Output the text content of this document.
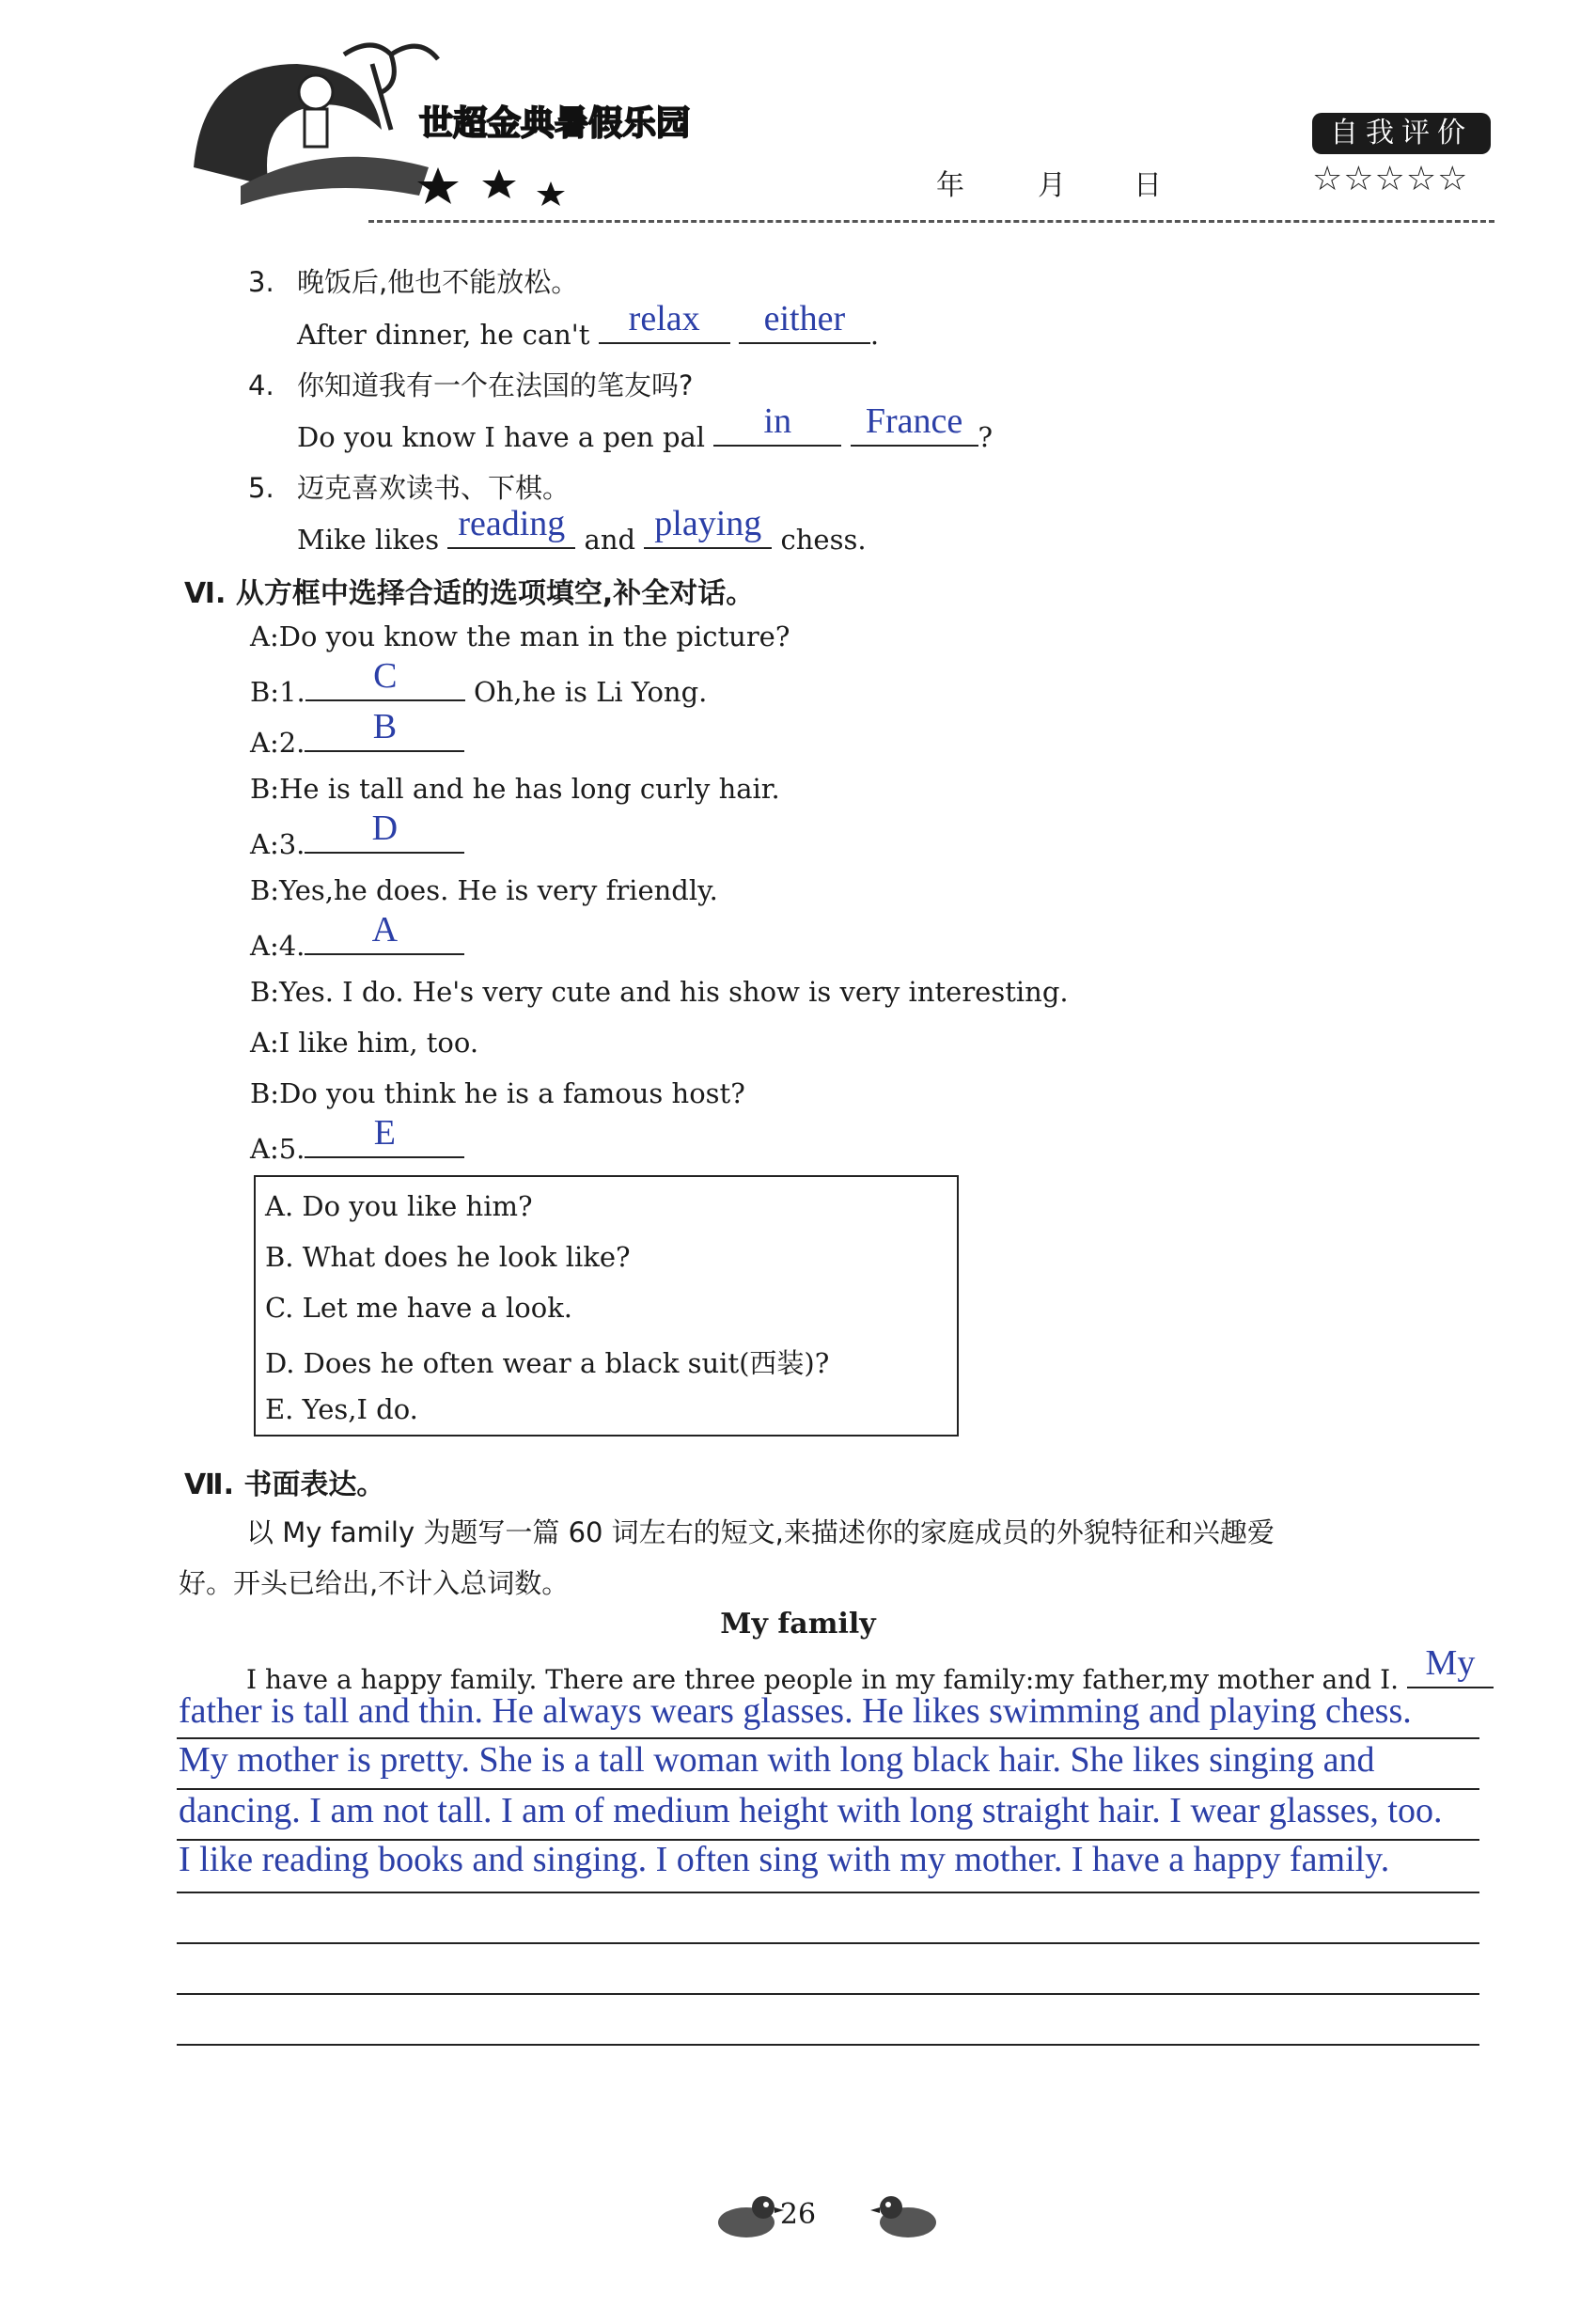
世超金典暑假乐园
年	月 日
自我评价
☆☆☆☆☆
3. 晚饭后,他也不能放松。
After dinner, he can't	relax
	either .
4. 你知道我有一个在法国的笔友吗?
Do you know I have a pen pal	in
	France ?
5. 迈克喜欢读书、下棋。
Mike likes reading and playing chess.
Ⅵ. 从方框中选择合适的选项填空,补全对话。
A:Do you know the man in the picture?
B:1.	C	Oh,he is Li Yong.
A:2.	B
B:He is tall and he has long curly hair.
A:3.	D
B:Yes,he does. He is very friendly.
A:4.	A
B:Yes. I do. He's very cute and his show is very interesting.
A:I like him, too.
B:Do you think he is a famous host?
A:5.	E
A. Do you like him?
B. What does he look like?
C. Let me have a look.
D. Does he often wear a black suit(西装)?
E. Yes,I do.
Ⅶ. 书面表达。
以 My family 为题写一篇 60 词左右的短文,来描述你的家庭成员的外貌特征和兴趣爱
好。开头已给出,不计入总词数。
My family
I have a happy family. There are three people in my family:my father,my mother and I. My
father is tall and thin. He always wears glasses. He likes swimming and playing chess.
My mother is pretty. She is a tall woman with long black hair. She likes singing and
dancing. I am not tall. I am of medium height with long straight hair. I wear glasses, too.
I like reading books and singing. I often sing with my mother. I have a happy family.
26
